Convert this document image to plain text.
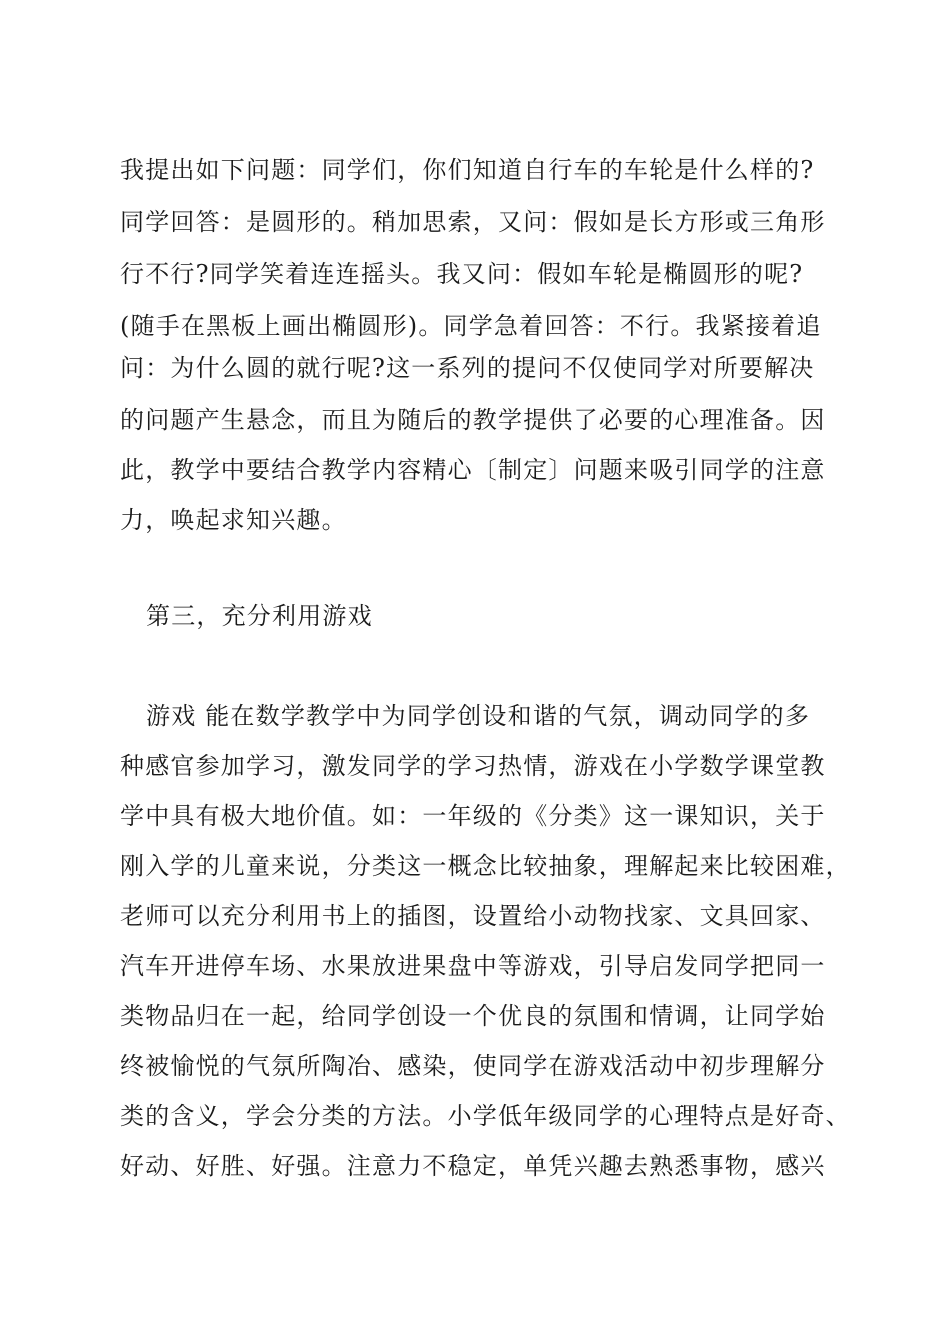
我提出如下问题：同学们，你们知道自行车的车轮是什么样的?
同学回答：是圆形的。稍加思索，又问：假如是长方形或三角形
行不行?同学笑着连连摇头。我又问：假如车轮是椭圆形的呢?
(随手在黑板上画出椭圆形)。同学急着回答：不行。我紧接着追
问：为什么圆的就行呢?这一系列的提问不仅使同学对所要解决
的问题产生悬念，而且为随后的教学提供了必要的心理准备。因
此，教学中要结合教学内容精心〔制定〕问题来吸引同学的注意
力，唤起求知兴趣。
第三，充分利用游戏
游戏 能在数学教学中为同学创设和谐的气氛，调动同学的多
种感官参加学习，激发同学的学习热情，游戏在小学数学课堂教
学中具有极大地价值。如：一年级的《分类》这一课知识，关于
刚入学的儿童来说，分类这一概念比较抽象，理解起来比较困难，
老师可以充分利用书上的插图，设置给小动物找家、文具回家、
汽车开进停车场、水果放进果盘中等游戏，引导启发同学把同一
类物品归在一起，给同学创设一个优良的氛围和情调，让同学始
终被愉悦的气氛所陶冶、感染，使同学在游戏活动中初步理解分
类的含义，学会分类的方法。小学低年级同学的心理特点是好奇、
好动、好胜、好强。注意力不稳定，单凭兴趣去熟悉事物，感兴
